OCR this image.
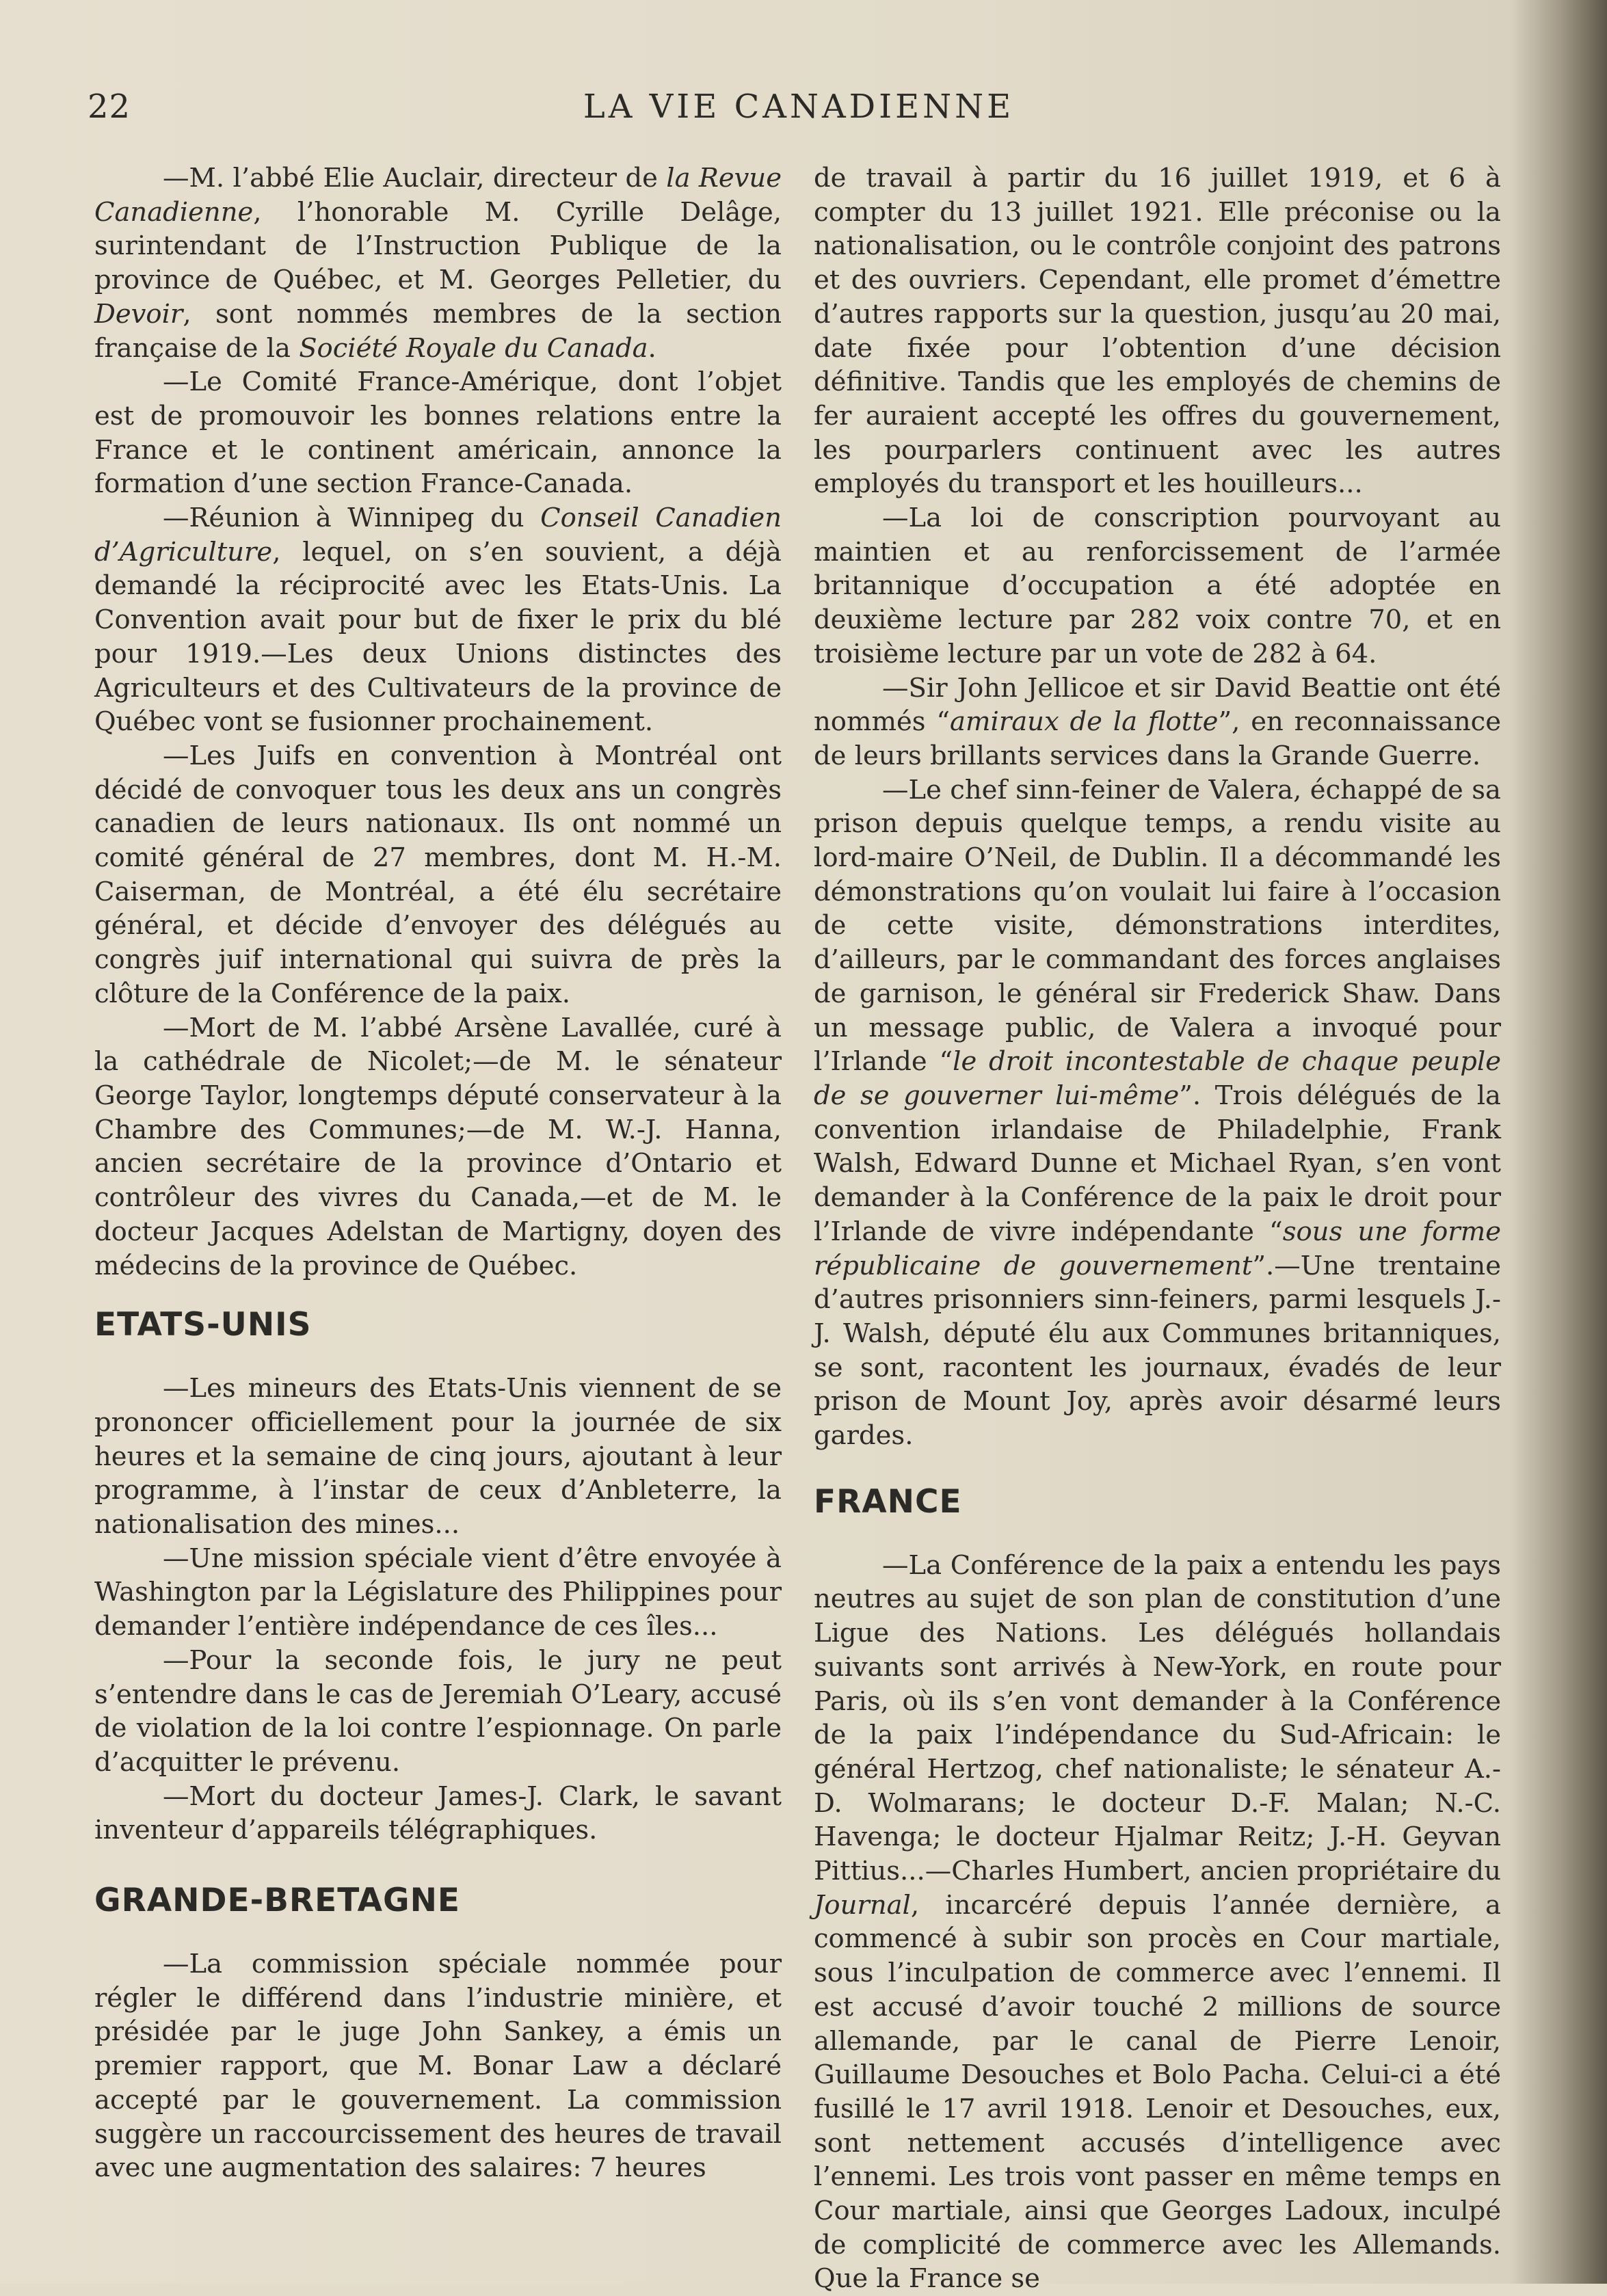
22	LA VIE CANADIENNE

—M. l’abbé Elie Auclair, directeur de la Revue Canadienne, l’honorable M. Cyrille Delâge, surintendant de l’Instruction Publique de la province de Québec, et M. Georges Pelletier, du Devoir, sont nommés membres de la section française de la Société Royale du Canada.

—Le Comité France-Amérique, dont l’objet est de promouvoir les bonnes relations entre la France et le continent américain, annonce la formation d’une section France-Canada.

—Réunion à Winnipeg du Conseil Canadien d’Agriculture, lequel, on s’en souvient, a déjà demandé la réciprocité avec les Etats-Unis. La Convention avait pour but de fixer le prix du blé pour 1919.—Les deux Unions distinctes des Agriculteurs et des Cultivateurs de la province de Québec vont se fusionner prochainement.

—Les Juifs en convention à Montréal ont décidé de convoquer tous les deux ans un congrès canadien de leurs nationaux. Ils ont nommé un comité général de 27 membres, dont M. H.-M. Caiserman, de Montréal, a été élu secrétaire général, et décide d’envoyer des délégués au congrès juif international qui suivra de près la clôture de la Conférence de la paix.

—Mort de M. l’abbé Arsène Lavallée, curé à la cathédrale de Nicolet;—de M. le sénateur George Taylor, longtemps député conservateur à la Chambre des Communes;—de M. W.-J. Hanna, ancien secrétaire de la province d’Ontario et contrôleur des vivres du Canada,—et de M. le docteur Jacques Adelstan de Martigny, doyen des médecins de la province de Québec.

ETATS-UNIS

—Les mineurs des Etats-Unis viennent de se prononcer officiellement pour la journée de six heures et la semaine de cinq jours, ajoutant à leur programme, à l’instar de ceux d’Anbleterre, la nationalisation des mines...

—Une mission spéciale vient d’être envoyée à Washington par la Législature des Philippines pour demander l’entière indépendance de ces îles...

—Pour la seconde fois, le jury ne peut s’entendre dans le cas de Jeremiah O’Leary, accusé de violation de la loi contre l’espionnage. On parle d’acquitter le prévenu.

—Mort du docteur James-J. Clark, le savant inventeur d’appareils télégraphiques.

GRANDE-BRETAGNE

—La commission spéciale nommée pour régler le différend dans l’industrie minière, et présidée par le juge John Sankey, a émis un premier rapport, que M. Bonar Law a déclaré accepté par le gouvernement. La commission suggère un raccourcissement des heures de travail avec une augmentation des salaires: 7 heures

de travail à partir du 16 juillet 1919, et 6 à compter du 13 juillet 1921. Elle préconise ou la nationalisation, ou le contrôle conjoint des patrons et des ouvriers. Cependant, elle promet d’émettre d’autres rapports sur la question, jusqu’au 20 mai, date fixée pour l’obtention d’une décision définitive. Tandis que les employés de chemins de fer auraient accepté les offres du gouvernement, les pourparlers continuent avec les autres employés du transport et les houilleurs...

—La loi de conscription pourvoyant au maintien et au renforcissement de l’armée britannique d’occupation a été adoptée en deuxième lecture par 282 voix contre 70, et en troisième lecture par un vote de 282 à 64.

—Sir John Jellicoe et sir David Beattie ont été nommés “amiraux de la flotte”, en reconnaissance de leurs brillants services dans la Grande Guerre.

—Le chef sinn-feiner de Valera, échappé de sa prison depuis quelque temps, a rendu visite au lord-maire O’Neil, de Dublin. Il a décommandé les démonstrations qu’on voulait lui faire à l’occasion de cette visite, démonstrations interdites, d’ailleurs, par le commandant des forces anglaises de garnison, le général sir Frederick Shaw. Dans un message public, de Valera a invoqué pour l’Irlande “le droit incontestable de chaque peuple de se gouverner lui-même”. Trois délégués de la convention irlandaise de Philadelphie, Frank Walsh, Edward Dunne et Michael Ryan, s’en vont demander à la Conférence de la paix le droit pour l’Irlande de vivre indépendante “sous une forme républicaine de gouvernement”.—Une trentaine d’autres prisonniers sinn-feiners, parmi lesquels J.-J. Walsh, député élu aux Communes britanniques, se sont, racontent les journaux, évadés de leur prison de Mount Joy, après avoir désarmé leurs gardes.

FRANCE

—La Conférence de la paix a entendu les pays neutres au sujet de son plan de constitution d’une Ligue des Nations. Les délégués hollandais suivants sont arrivés à New-York, en route pour Paris, où ils s’en vont demander à la Conférence de la paix l’indépendance du Sud-Africain: le général Hertzog, chef nationaliste; le sénateur A.-D. Wolmarans; le docteur D.-F. Malan; N.-C. Havenga; le docteur Hjalmar Reitz; J.-H. Geyvan Pittius...—Charles Humbert, ancien propriétaire du Journal, incarcéré depuis l’année dernière, a commencé à subir son procès en Cour martiale, sous l’inculpation de commerce avec l’ennemi. Il est accusé d’avoir touché 2 millions de source allemande, par le canal de Pierre Lenoir, Guillaume Desouches et Bolo Pacha. Celui-ci a été fusillé le 17 avril 1918. Lenoir et Desouches, eux, sont nettement accusés d’intelligence avec l’ennemi. Les trois vont passer en même temps en Cour martiale, ainsi que Georges Ladoux, inculpé de complicité de commerce avec les Allemands. Que la France se
